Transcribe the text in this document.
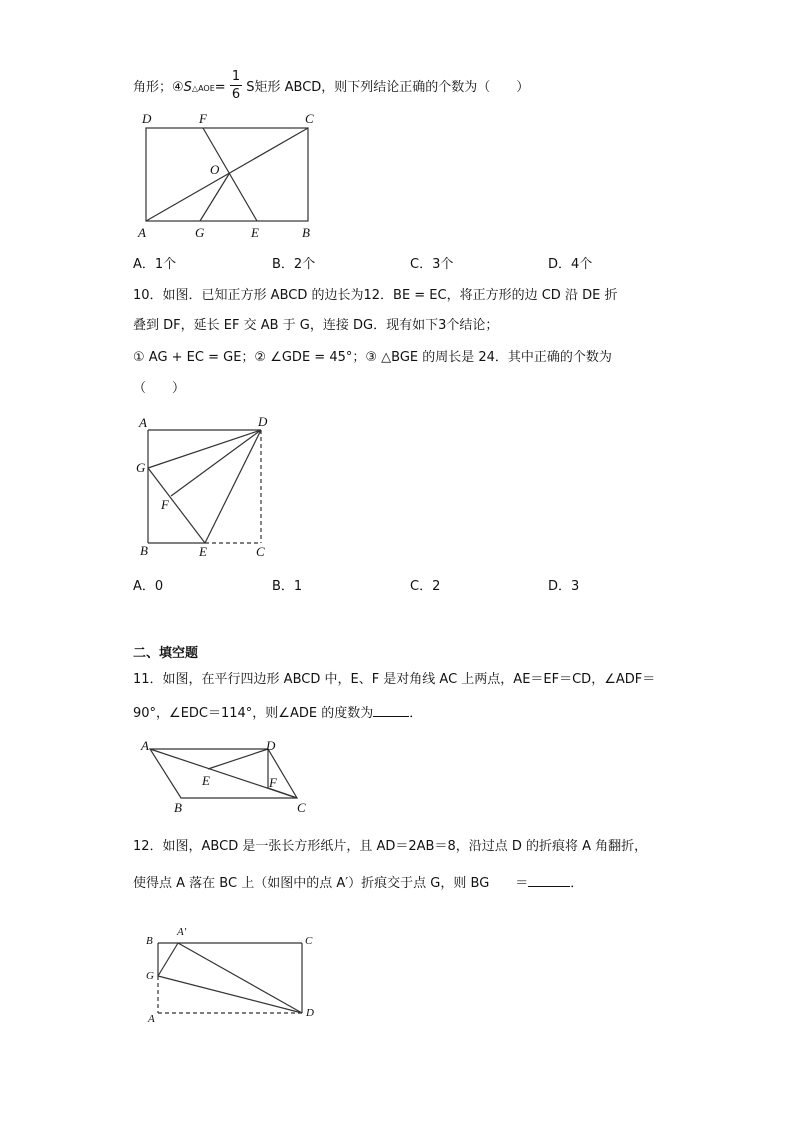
角形；④S△AOE= $\frac{1}{6}$ S矩形 ABCD，则下列结论正确的个数为（　　）
D	F	C
O
A	G	E	B
A．1个	B．2个	C．3个	D．4个
10．如图．已知正方形 ABCD 的边长为12．BE = EC，将正方形的边 CD 沿 DE 折
叠到 DF，延长 EF 交 AB 于 G，连接 DG．现有如下3个结论；
① AG + EC = GE；② ∠GDE = 45°；③ △BGE 的周长是 24．其中正确的个数为
（　　）
A	D
G
F
B	E	C
A．0	B．1	C．2	D．3
二、填空题
11．如图，在平行四边形 ABCD 中，E、F 是对角线 AC 上两点，AE＝EF＝CD，∠ADF＝
90°，∠EDC＝114°，则∠ADE 的度数为	．
A	D
E	F
B	C
12．如图，ABCD 是一张长方形纸片，且 AD＝2AB＝8，沿过点 D 的折痕将 A 角翻折，
使得点 A 落在 BC 上（如图中的点 A′）折痕交于点 G，则 BG　　＝	．
B
A′
C
G
A	D
